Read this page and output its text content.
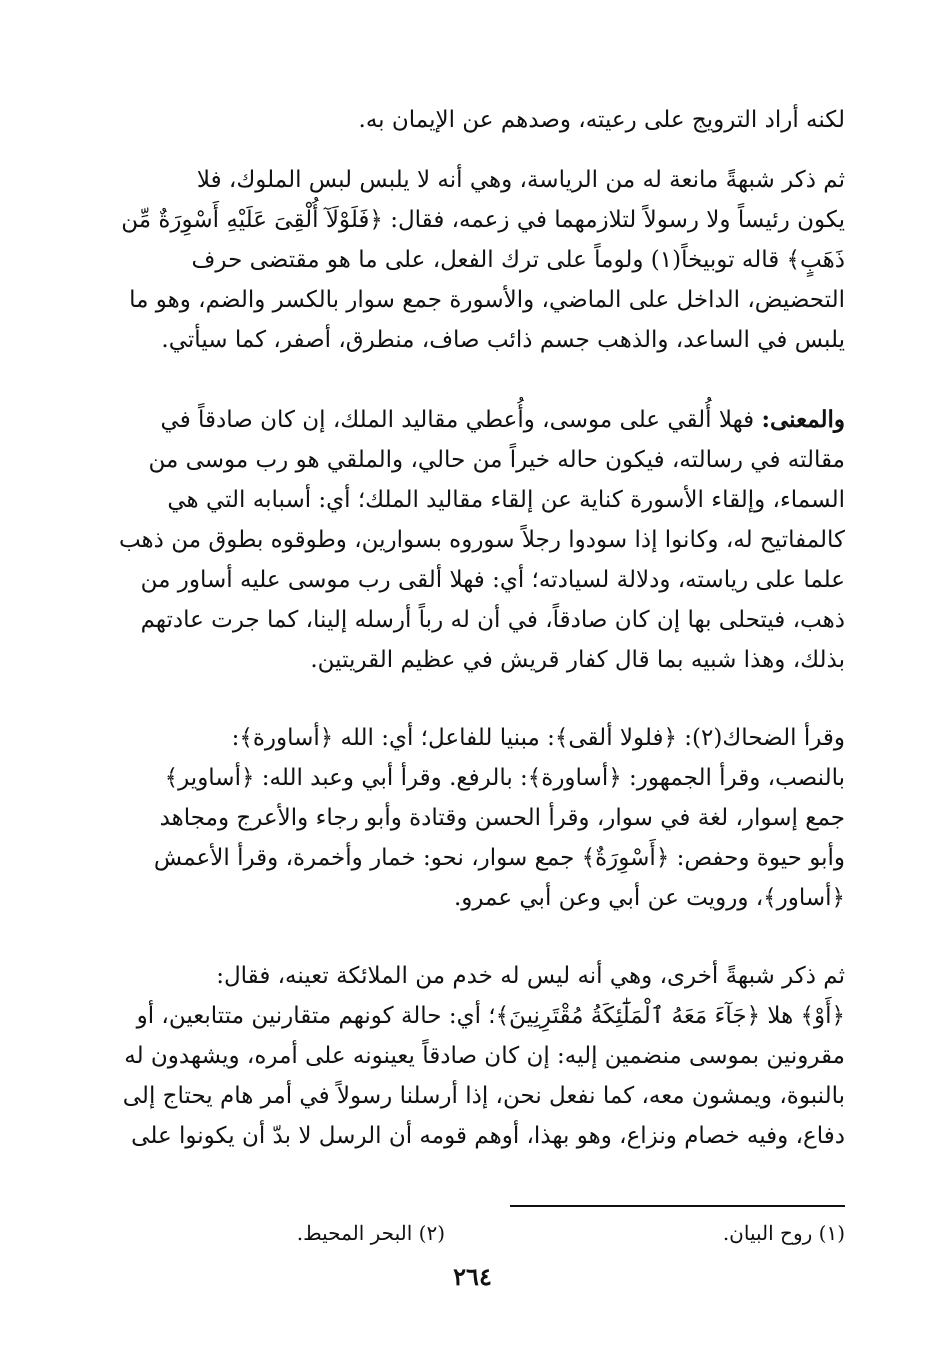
لكنه أراد الترويج على رعيته، وصدهم عن الإيمان به.
ثم ذكر شبهةً مانعة له من الرياسة، وهي أنه لا يلبس لبس الملوك، فلا
يكون رئيساً ولا رسولاً لتلازمهما في زعمه، فقال: ﴿فَلَوْلَآ أُلْقِىَ عَلَيْهِ أَسْوِرَةٌ مِّن
ذَهَبٍ﴾ قاله توبيخاً(١) ولوماً على ترك الفعل، على ما هو مقتضى حرف
التحضيض، الداخل على الماضي، والأسورة جمع سوار بالكسر والضم، وهو ما
يلبس في الساعد، والذهب جسم ذائب صاف، منطرق، أصفر، كما سيأتي.
والمعنى: فهلا أُلقي على موسى، وأُعطي مقاليد الملك، إن كان صادقاً في
مقالته في رسالته، فيكون حاله خيراً من حالي، والملقي هو رب موسى من
السماء، وإلقاء الأسورة كناية عن إلقاء مقاليد الملك؛ أي: أسبابه التي هي
كالمفاتيح له، وكانوا إذا سودوا رجلاً سوروه بسوارين، وطوقوه بطوق من ذهب
علما على رياسته، ودلالة لسيادته؛ أي: فهلا ألقى رب موسى عليه أساور من
ذهب، فيتحلى بها إن كان صادقاً، في أن له رباً أرسله إلينا، كما جرت عادتهم
بذلك، وهذا شبيه بما قال كفار قريش في عظيم القريتين.
وقرأ الضحاك(٢): ﴿فلولا ألقى﴾: مبنيا للفاعل؛ أي: الله ﴿أساورة﴾:
بالنصب، وقرأ الجمهور: ﴿أساورة﴾: بالرفع. وقرأ أبي وعبد الله: ﴿أساوير﴾
جمع إسوار، لغة في سوار، وقرأ الحسن وقتادة وأبو رجاء والأعرج ومجاهد
وأبو حيوة وحفص: ﴿أَسْوِرَةٌ﴾ جمع سوار، نحو: خمار وأخمرة، وقرأ الأعمش
﴿أساور﴾، ورويت عن أبي وعن أبي عمرو.
ثم ذكر شبهةً أخرى، وهي أنه ليس له خدم من الملائكة تعينه، فقال:
﴿أَوْ﴾ هلا ﴿جَآءَ مَعَهُ ٱلْمَلَٰٓئِكَةُ مُقْتَرِنِينَ﴾؛ أي: حالة كونهم متقارنين متتابعين، أو
مقرونين بموسى منضمين إليه: إن كان صادقاً يعينونه على أمره، ويشهدون له
بالنبوة، ويمشون معه، كما نفعل نحن، إذا أرسلنا رسولاً في أمر هام يحتاج إلى
دفاع، وفيه خصام ونزاع، وهو بهذا، أوهم قومه أن الرسل لا بدّ أن يكونوا على
(١) روح البيان.
(٢) البحر المحيط.
٢٦٤
